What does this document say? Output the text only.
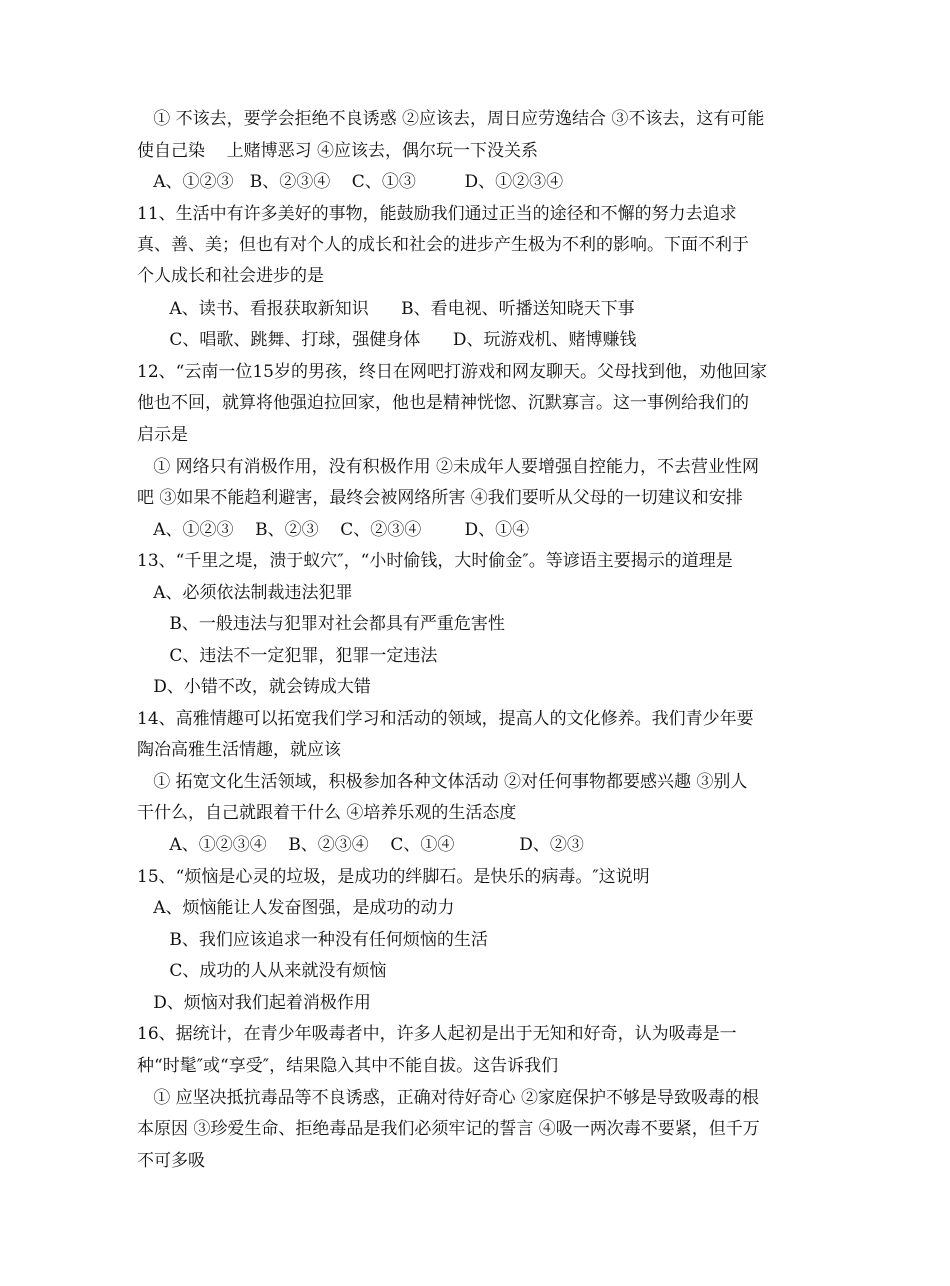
① 不该去，要学会拒绝不良诱惑 ②应该去，周日应劳逸结合 ③不该去，这有可能
使自己染    上赌博恶习 ④应该去，偶尔玩一下没关系
A、①②③   B、②③④    C、①③         D、①②③④
11、生活中有许多美好的事物，能鼓励我们通过正当的途径和不懈的努力去追求
真、善、美；但也有对个人的成长和社会的进步产生极为不利的影响。下面不利于
个人成长和社会进步的是
A、读书、看报获取新知识      B、看电视、听播送知晓天下事
C、唱歌、跳舞、打球，强健身体      D、玩游戏机、赌博赚钱
12、“云南一位15岁的男孩，终日在网吧打游戏和网友聊天。父母找到他，劝他回家
他也不回，就算将他强迫拉回家，他也是精神恍惚、沉默寡言。这一事例给我们的
启示是
① 网络只有消极作用，没有积极作用 ②未成年人要增强自控能力，不去营业性网
吧 ③如果不能趋利避害，最终会被网络所害 ④我们要听从父母的一切建议和安排
A、①②③    B、②③    C、②③④        D、①④
13、“千里之堤，溃于蚁穴″，“小时偷钱，大时偷金″。等谚语主要揭示的道理是
A、必须依法制裁违法犯罪
B、一般违法与犯罪对社会都具有严重危害性
C、违法不一定犯罪，犯罪一定违法
D、小错不改，就会铸成大错
14、高雅情趣可以拓宽我们学习和活动的领域，提高人的文化修养。我们青少年要
陶冶高雅生活情趣，就应该
① 拓宽文化生活领域，积极参加各种文体活动 ②对任何事物都要感兴趣 ③别人
干什么，自己就跟着干什么 ④培养乐观的生活态度
A、①②③④    B、②③④    C、①④            D、②③
15、“烦恼是心灵的垃圾，是成功的绊脚石。是快乐的病毒。″这说明
A、烦恼能让人发奋图强，是成功的动力
B、我们应该追求一种没有任何烦恼的生活
C、成功的人从来就没有烦恼
D、烦恼对我们起着消极作用
16、据统计，在青少年吸毒者中，许多人起初是出于无知和好奇，认为吸毒是一
种“时髦″或“享受″，结果隐入其中不能自拔。这告诉我们
① 应坚决抵抗毒品等不良诱惑，正确对待好奇心 ②家庭保护不够是导致吸毒的根
本原因 ③珍爱生命、拒绝毒品是我们必须牢记的誓言 ④吸一两次毒不要紧，但千万
不可多吸
